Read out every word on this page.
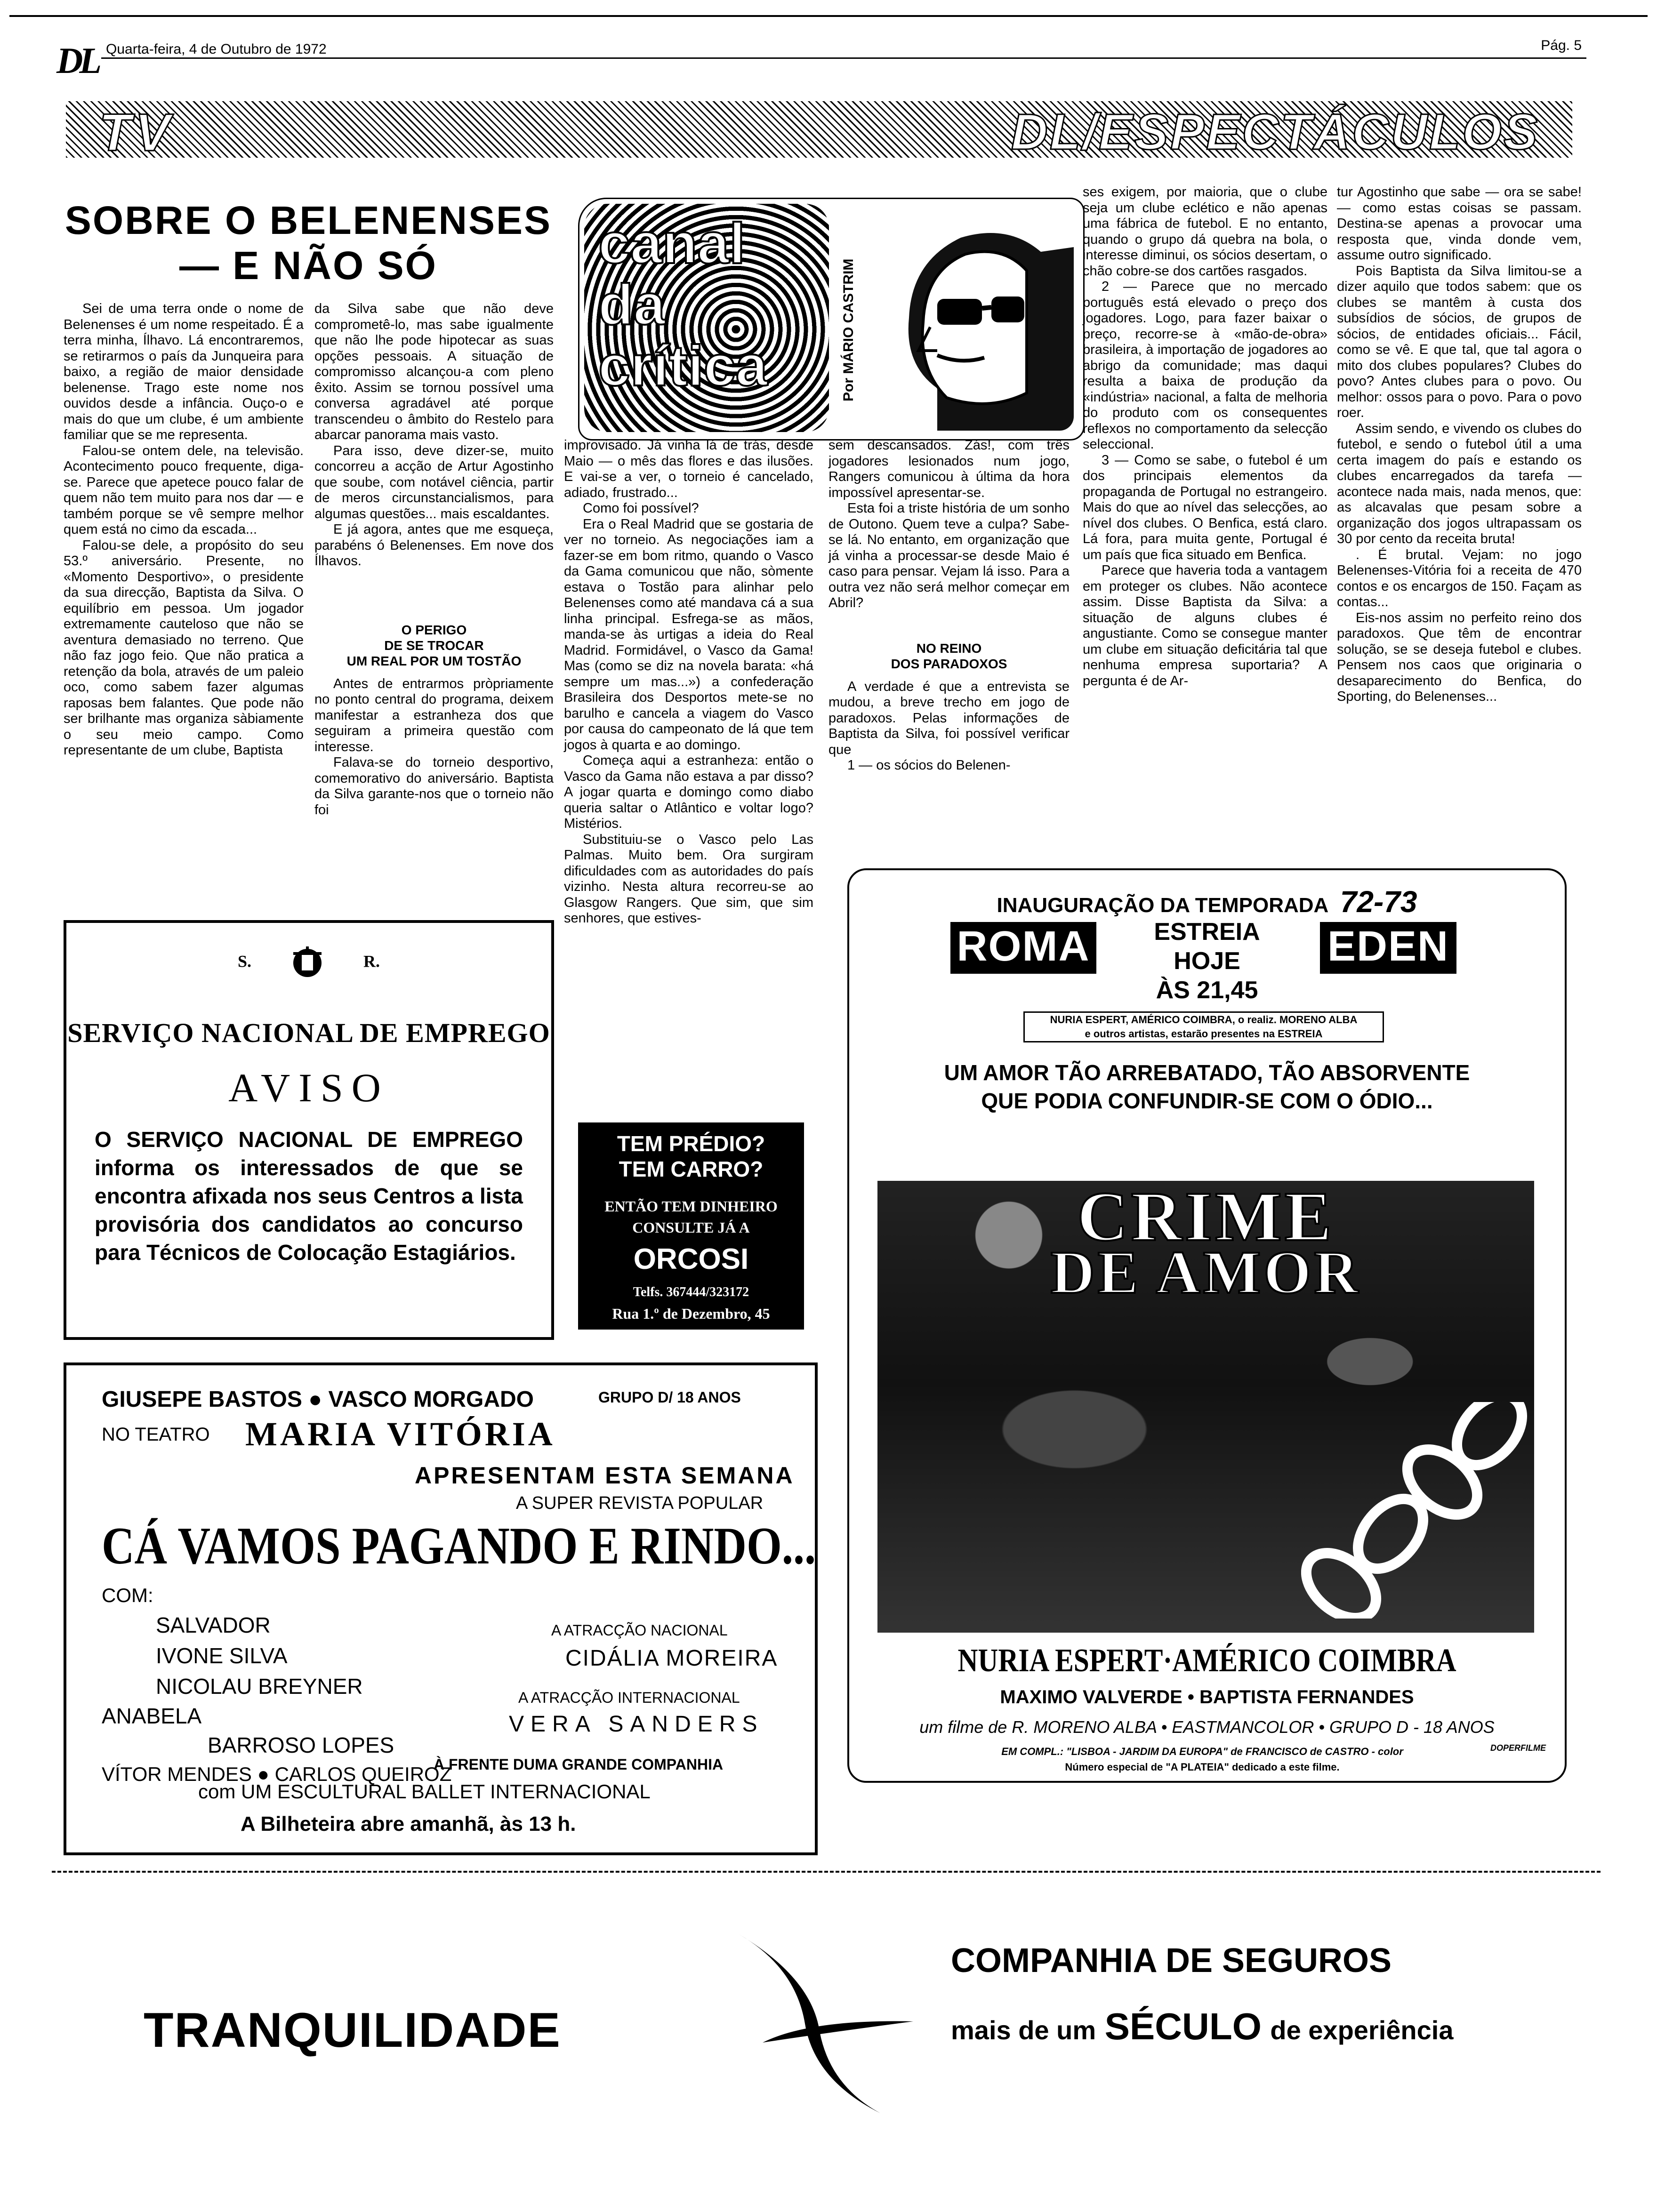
DL Quarta-feira, 4 de Outubro de 1972	Pág. 5
TV	DL/ESPECTÁCULOS
SOBRE O BELENENSES
— E NÃO SÓ

Sei de uma terra onde o nome de Belenenses é um nome respeitado. É a terra minha, Ílhavo. Lá encontraremos, se retirarmos o país da Junqueira para baixo, a região de maior densidade belenense. Trago este nome nos ouvidos desde a infância. Ouço-o e mais do que um clube, é um ambiente familiar que se me representa.

Falou-se ontem dele, na televisão. Acontecimento pouco frequente, diga-se. Parece que apetece pouco falar de quem não tem muito para nos dar — e também porque se vê sempre melhor quem está no cimo da escada...

Falou-se dele, a propósito do seu 53.º aniversário. Presente, no «Momento Desportivo», o presidente da sua direcção, Baptista da Silva. O equilíbrio em pessoa. Um jogador extremamente cauteloso que não se aventura demasiado no terreno. Que não faz jogo feio. Que não pratica a retenção da bola, através de um paleio oco, como sabem fazer algumas raposas bem falantes. Que pode não ser brilhante mas organiza sàbiamente o seu meio campo. Como representante de um clube, Baptista

da Silva sabe que não deve comprometê-lo, mas sabe igualmente que não lhe pode hipotecar as suas opções pessoais. A situação de compromisso alcançou-a com pleno êxito. Assim se tornou possível uma conversa agradável até porque transcendeu o âmbito do Restelo para abarcar panorama mais vasto.

Para isso, deve dizer-se, muito concorreu a acção de Artur Agostinho que soube, com notável ciência, partir de meros circunstancialismos, para algumas questões... mais escaldantes.

E já agora, antes que me esqueça, parabéns ó Belenenses. Em nove dos Ílhavos.

O PERIGO
DE SE TROCAR
UM REAL POR UM TOSTÃO

Antes de entrarmos pròpriamente no ponto central do programa, deixem manifestar a estranheza dos que seguiram a primeira questão com interesse.

Falava-se do torneio desportivo, comemorativo do aniversário. Baptista da Silva garante-nos que o torneio não foi

canal
da
crítica	Por MÁRIO CASTRIM

improvisado. Já vinha lá de trás, desde Maio — o mês das flores e das ilusões. E vai-se a ver, o torneio é cancelado, adiado, frustrado...

Como foi possível?

Era o Real Madrid que se gostaria de ver no torneio. As negociações iam a fazer-se em bom ritmo, quando o Vasco da Gama comunicou que não, sòmente estava o Tostão para alinhar pelo Belenenses como até mandava cá a sua linha principal. Esfrega-se as mãos, manda-se às urtigas a ideia do Real Madrid. Formidável, o Vasco da Gama! Mas (como se diz na novela barata: «há sempre um mas...») a confederação Brasileira dos Desportos mete-se no barulho e cancela a viagem do Vasco por causa do campeonato de lá que tem jogos à quarta e ao domingo.

Começa aqui a estranheza: então o Vasco da Gama não estava a par disso? A jogar quarta e domingo como diabo queria saltar o Atlântico e voltar logo? Mistérios.

Substituiu-se o Vasco pelo Las Palmas. Muito bem. Ora surgiram dificuldades com as autoridades do país vizinho. Nesta altura recorreu-se ao Glasgow Rangers. Que sim, que sim senhores, que estives-

sem descansados. Zás!, com três jogadores lesionados num jogo, Rangers comunicou à última da hora impossível apresentar-se.

Esta foi a triste história de um sonho de Outono. Quem teve a culpa? Sabe-se lá. No entanto, em organização que já vinha a processar-se desde Maio é caso para pensar. Vejam lá isso. Para a outra vez não será melhor começar em Abril?

NO REINO
DOS PARADOXOS

A verdade é que a entrevista se mudou, a breve trecho em jogo de paradoxos. Pelas informações de Baptista da Silva, foi possível verificar que

1 — os sócios do Belenen-

ses exigem, por maioria, que o clube seja um clube eclético e não apenas uma fábrica de futebol. E no entanto, quando o grupo dá quebra na bola, o interesse diminui, os sócios desertam, o chão cobre-se dos cartões rasgados.

2 — Parece que no mercado português está elevado o preço dos jogadores. Logo, para fazer baixar o preço, recorre-se à «mão-de-obra» brasileira, à importação de jogadores ao abrigo da comunidade; mas daqui resulta a baixa de produção da «indústria» nacional, a falta de melhoria do produto com os consequentes reflexos no comportamento da selecção seleccional.

3 — Como se sabe, o futebol é um dos principais elementos da propaganda de Portugal no estrangeiro. Mais do que ao nível das selecções, ao nível dos clubes. O Benfica, está claro. Lá fora, para muita gente, Portugal é um país que fica situado em Benfica.

Parece que haveria toda a vantagem em proteger os clubes. Não acontece assim. Disse Baptista da Silva: a situação de alguns clubes é angustiante. Como se consegue manter um clube em situação deficitária tal que nenhuma empresa suportaria? A pergunta é de Ar-

tur Agostinho que sabe — ora se sabe! — como estas coisas se passam. Destina-se apenas a provocar uma resposta que, vinda donde vem, assume outro significado.

Pois Baptista da Silva limitou-se a dizer aquilo que todos sabem: que os clubes se mantêm à custa dos subsídios de sócios, de grupos de sócios, de entidades oficiais... Fácil, como se vê. E que tal, que tal agora o mito dos clubes populares? Clubes do povo? Antes clubes para o povo. Ou melhor: ossos para o povo. Para o povo roer.

Assim sendo, e vivendo os clubes do futebol, e sendo o futebol útil a uma certa imagem do país e estando os clubes encarregados da tarefa — acontece nada mais, nada menos, que: as alcavalas que pesam sobre a organização dos jogos ultrapassam os 30 por cento da receita bruta!

. É brutal. Vejam: no jogo Belenenses-Vitória foi a receita de 470 contos e os encargos de 150. Façam as contas...

Eis-nos assim no perfeito reino dos paradoxos. Que têm de encontrar solução, se se deseja futebol e clubes. Pensem nos caos que originaria o desaparecimento do Benfica, do Sporting, do Belenenses...

S.	R.
SERVIÇO NACIONAL DE EMPREGO
AVISO
O SERVIÇO NACIONAL DE EMPREGO informa os interessados de que se encontra afixada nos seus Centros a lista provisória dos candidatos ao concurso para Técnicos de Colocação Estagiários.
TEM PRÉDIO?
TEM CARRO?
ENTÃO TEM DINHEIRO
CONSULTE JÁ A
ORCOSI
Telfs. 367444/323172
Rua 1.º de Dezembro, 45
GIUSEPE BASTOS ● VASCO MORGADO	GRUPO D/ 18 ANOS
NO TEATRO MARIA VITÓRIA
APRESENTAM ESTA SEMANA
A SUPER REVISTA POPULAR
CÁ VAMOS PAGANDO E RINDO...
COM:
SALVADOR
IVONE SILVA
NICOLAU BREYNER
ANABELA
BARROSO LOPES
VÍTOR MENDES ● CARLOS QUEIROZ
A ATRACÇÃO NACIONAL
CIDÁLIA MOREIRA
A ATRACÇÃO INTERNACIONAL
VERA SANDERS
À FRENTE DUMA GRANDE COMPANHIA
com UM ESCULTURAL BALLET INTERNACIONAL
A Bilheteira abre amanhã, às 13 h.
INAUGURAÇÃO DA TEMPORADA 72-73
ROMA	EDEN
ESTREIA
HOJE
ÀS 21,45
NURIA ESPERT, AMÉRICO COIMBRA, o realiz. MORENO ALBA
e outros artistas, estarão presentes na ESTREIA
UM AMOR TÃO ARREBATADO, TÃO ABSORVENTE
QUE PODIA CONFUNDIR-SE COM O ÓDIO...
CRIME
DE AMOR
NURIA ESPERT·AMÉRICO COIMBRA
MAXIMO VALVERDE • BAPTISTA FERNANDES
um filme de R. MORENO ALBA • EASTMANCOLOR • GRUPO D - 18 ANOS
EM COMPL.: "LISBOA - JARDIM DA EUROPA" de FRANCISCO de CASTRO - color
Número especial de "A PLATEIA" dedicado a este filme.
DOPERFILME
TRANQUILIDADE
COMPANHIA DE SEGUROS
mais de um SÉCULO de experiência
